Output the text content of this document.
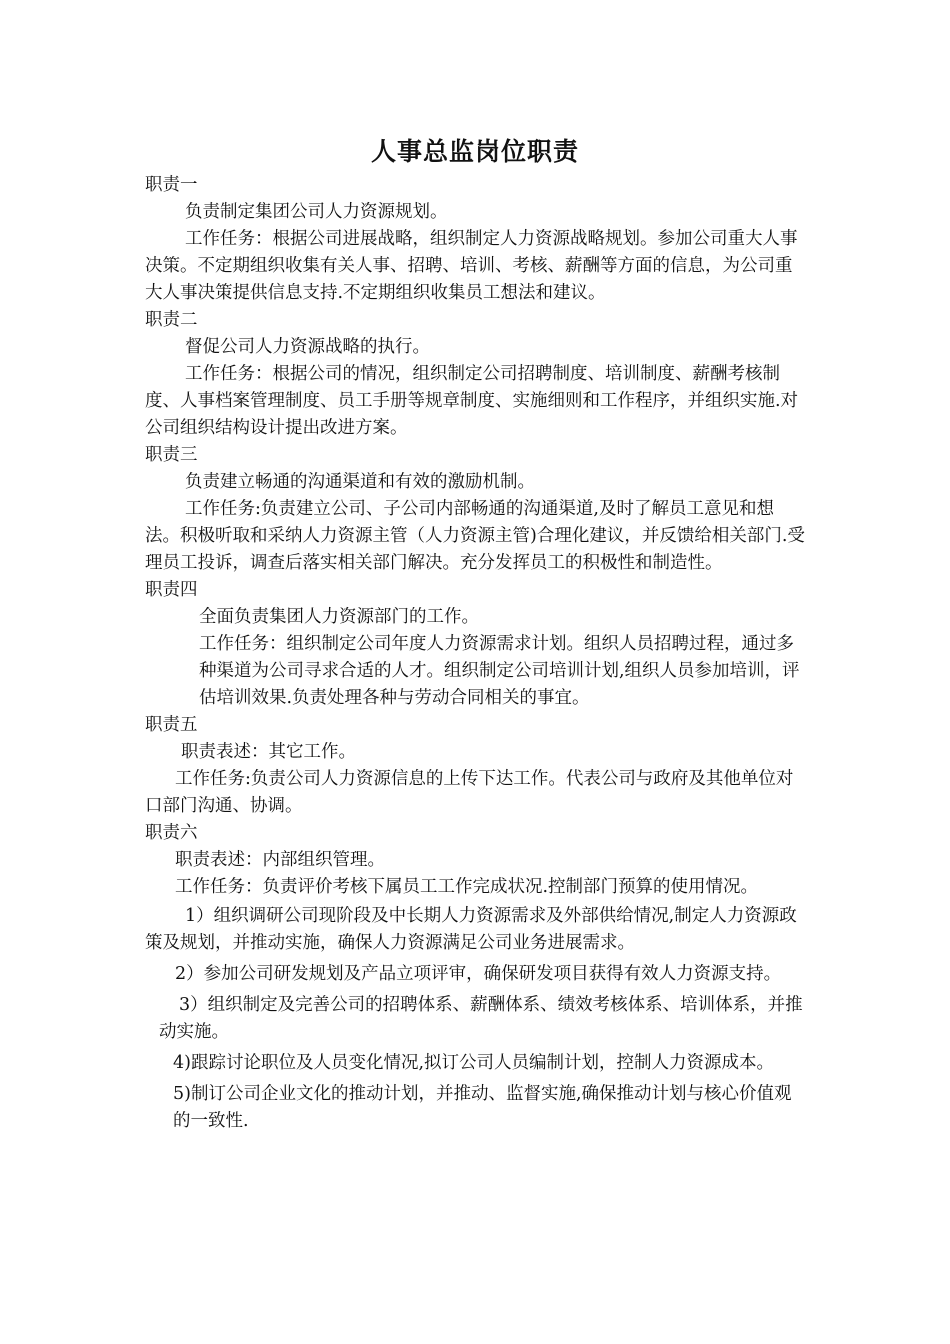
人事总监岗位职责

职责一

负责制定集团公司人力资源规划。

工作任务：根据公司进展战略，组织制定人力资源战略规划。参加公司重大人事决策。不定期组织收集有关人事、招聘、培训、考核、薪酬等方面的信息，为公司重大人事决策提供信息支持.不定期组织收集员工想法和建议。

职责二

督促公司人力资源战略的执行。

工作任务：根据公司的情况，组织制定公司招聘制度、培训制度、薪酬考核制度、人事档案管理制度、员工手册等规章制度、实施细则和工作程序，并组织实施.对公司组织结构设计提出改进方案。

职责三

负责建立畅通的沟通渠道和有效的激励机制。

工作任务:负责建立公司、子公司内部畅通的沟通渠道,及时了解员工意见和想法。积极听取和采纳人力资源主管（人力资源主管)合理化建议，并反馈给相关部门.受理员工投诉，调查后落实相关部门解决。充分发挥员工的积极性和制造性。

职责四

全面负责集团人力资源部门的工作。

工作任务：组织制定公司年度人力资源需求计划。组织人员招聘过程，通过多种渠道为公司寻求合适的人才。组织制定公司培训计划,组织人员参加培训，评估培训效果.负责处理各种与劳动合同相关的事宜。

职责五

职责表述：其它工作。

工作任务:负责公司人力资源信息的上传下达工作。代表公司与政府及其他单位对口部门沟通、协调。

职责六

职责表述：内部组织管理。

工作任务：负责评价考核下属员工工作完成状况.控制部门预算的使用情况。

1）组织调研公司现阶段及中长期人力资源需求及外部供给情况,制定人力资源政策及规划，并推动实施，确保人力资源满足公司业务进展需求。

2）参加公司研发规划及产品立项评审，确保研发项目获得有效人力资源支持。

3）组织制定及完善公司的招聘体系、薪酬体系、绩效考核体系、培训体系，并推动实施。

4)跟踪讨论职位及人员变化情况,拟订公司人员编制计划，控制人力资源成本。

5)制订公司企业文化的推动计划，并推动、监督实施,确保推动计划与核心价值观的一致性.
